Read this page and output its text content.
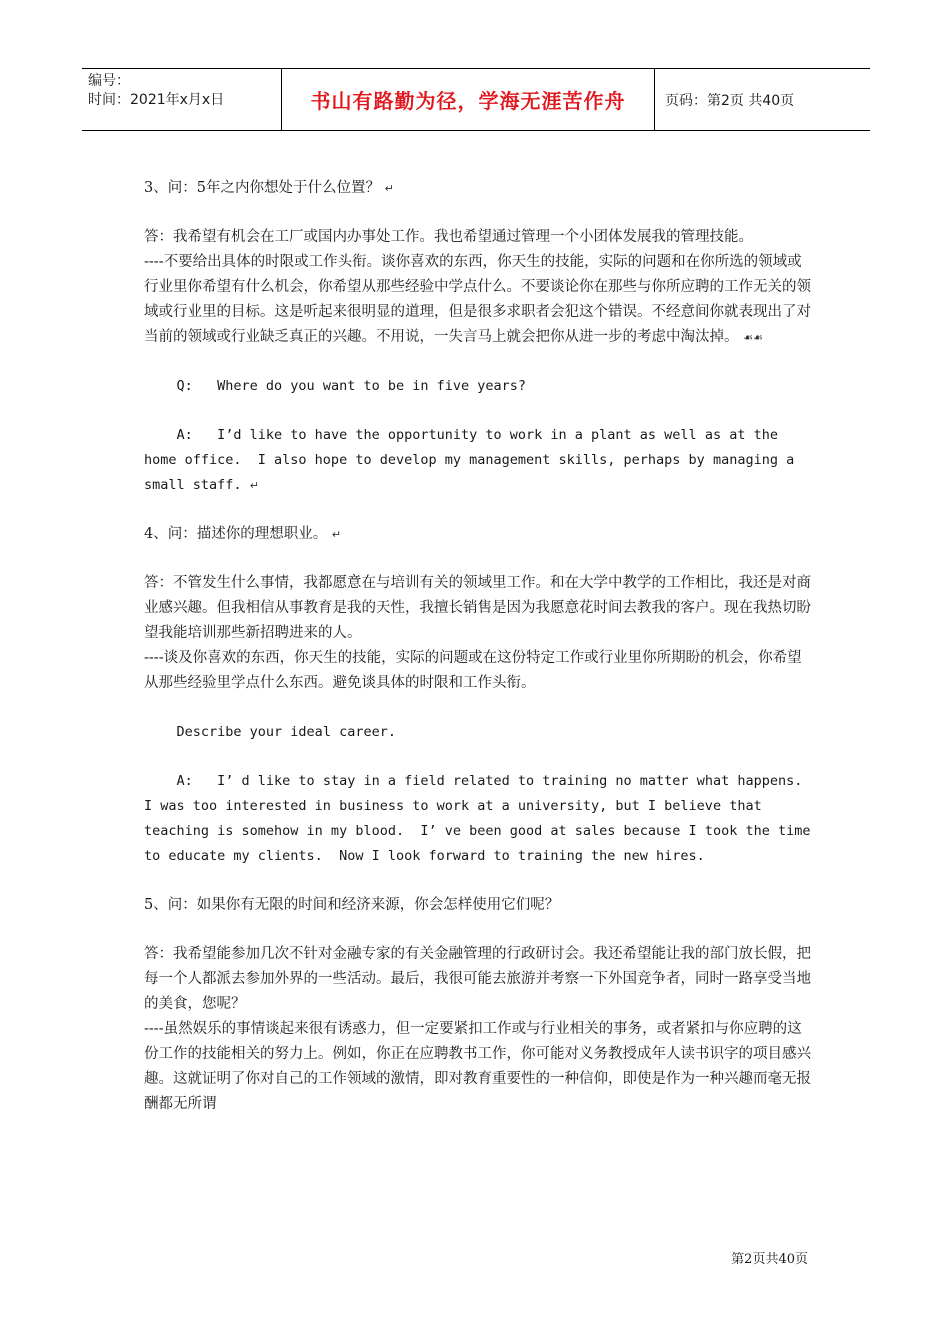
编号：
时间：2021年x月x日	书山有路勤为径，学海无涯苦作舟	页码：第2页 共40页

3、问：5年之内你想处于什么位置？ ↵

答：我希望有机会在工厂或国内办事处工作。我也希望通过管理一个小团体发展我的管理技能。

----不要给出具体的时限或工作头衔。谈你喜欢的东西，你天生的技能，实际的问题和在你所选的领域或行业里你希望有什么机会，你希望从那些经验中学点什么。不要谈论你在那些与你所应聘的工作无关的领域或行业里的目标。这是听起来很明显的道理，但是很多求职者会犯这个错误。不经意间你就表现出了对当前的领域或行业缺乏真正的兴趣。不用说，一失言马上就会把你从进一步的考虑中淘汰掉。 ☙☙

Q:   Where do you want to be in five years?

A:   I’d like to have the opportunity to work in a plant as well as at the home office.  I also hope to develop my management skills, perhaps by managing a small staff. ↵

4、问：描述你的理想职业。 ↵

答：不管发生什么事情，我都愿意在与培训有关的领域里工作。和在大学中教学的工作相比，我还是对商业感兴趣。但我相信从事教育是我的天性，我擅长销售是因为我愿意花时间去教我的客户。现在我热切盼望我能培训那些新招聘进来的人。

----谈及你喜欢的东西，你天生的技能，实际的问题或在这份特定工作或行业里你所期盼的机会，你希望从那些经验里学点什么东西。避免谈具体的时限和工作头衔。

Describe your ideal career.

A:   I’ d like to stay in a field related to training no matter what happens.  I was too interested in business to work at a university, but I believe that teaching is somehow in my blood.  I’ ve been good at sales because I took the time to educate my clients.  Now I look forward to training the new hires.

5、问：如果你有无限的时间和经济来源，你会怎样使用它们呢？

答：我希望能参加几次不针对金融专家的有关金融管理的行政研讨会。我还希望能让我的部门放长假，把每一个人都派去参加外界的一些活动。最后，我很可能去旅游并考察一下外国竞争者，同时一路享受当地的美食，您呢？

----虽然娱乐的事情谈起来很有诱惑力，但一定要紧扣工作或与行业相关的事务，或者紧扣与你应聘的这份工作的技能相关的努力上。例如，你正在应聘教书工作，你可能对义务教授成年人读书识字的项目感兴趣。这就证明了你对自己的工作领域的激情，即对教育重要性的一种信仰，即使是作为一种兴趣而毫无报酬都无所谓

第2页共40页
